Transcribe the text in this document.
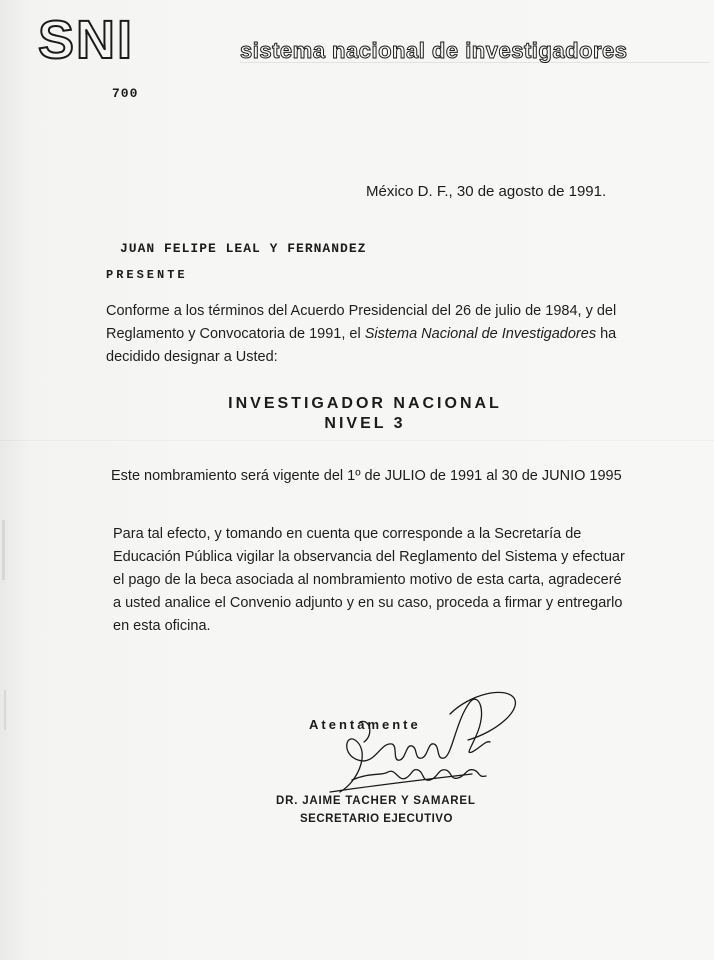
SNI	sistema nacional de investigadores
700
México D. F., 30 de agosto de 1991.
JUAN FELIPE LEAL Y FERNANDEZ
PRESENTE
Conforme a los términos del Acuerdo Presidencial del 26 de julio de 1984, y del
Reglamento y Convocatoria de 1991, el Sistema Nacional de Investigadores ha
decidido designar a Usted:
INVESTIGADOR NACIONAL
NIVEL 3
Este nombramiento será vigente del 1º de JULIO de 1991 al 30 de JUNIO 1995
Para tal efecto, y tomando en cuenta que corresponde a la Secretaría de
Educación Pública vigilar la observancia del Reglamento del Sistema y efectuar
el pago de la beca asociada al nombramiento motivo de esta carta, agradeceré
a usted analice el Convenio adjunto y en su caso, proceda a firmar y entregarlo
en esta oficina.
Atentamente
DR. JAIME TACHER Y SAMAREL
SECRETARIO EJECUTIVO
